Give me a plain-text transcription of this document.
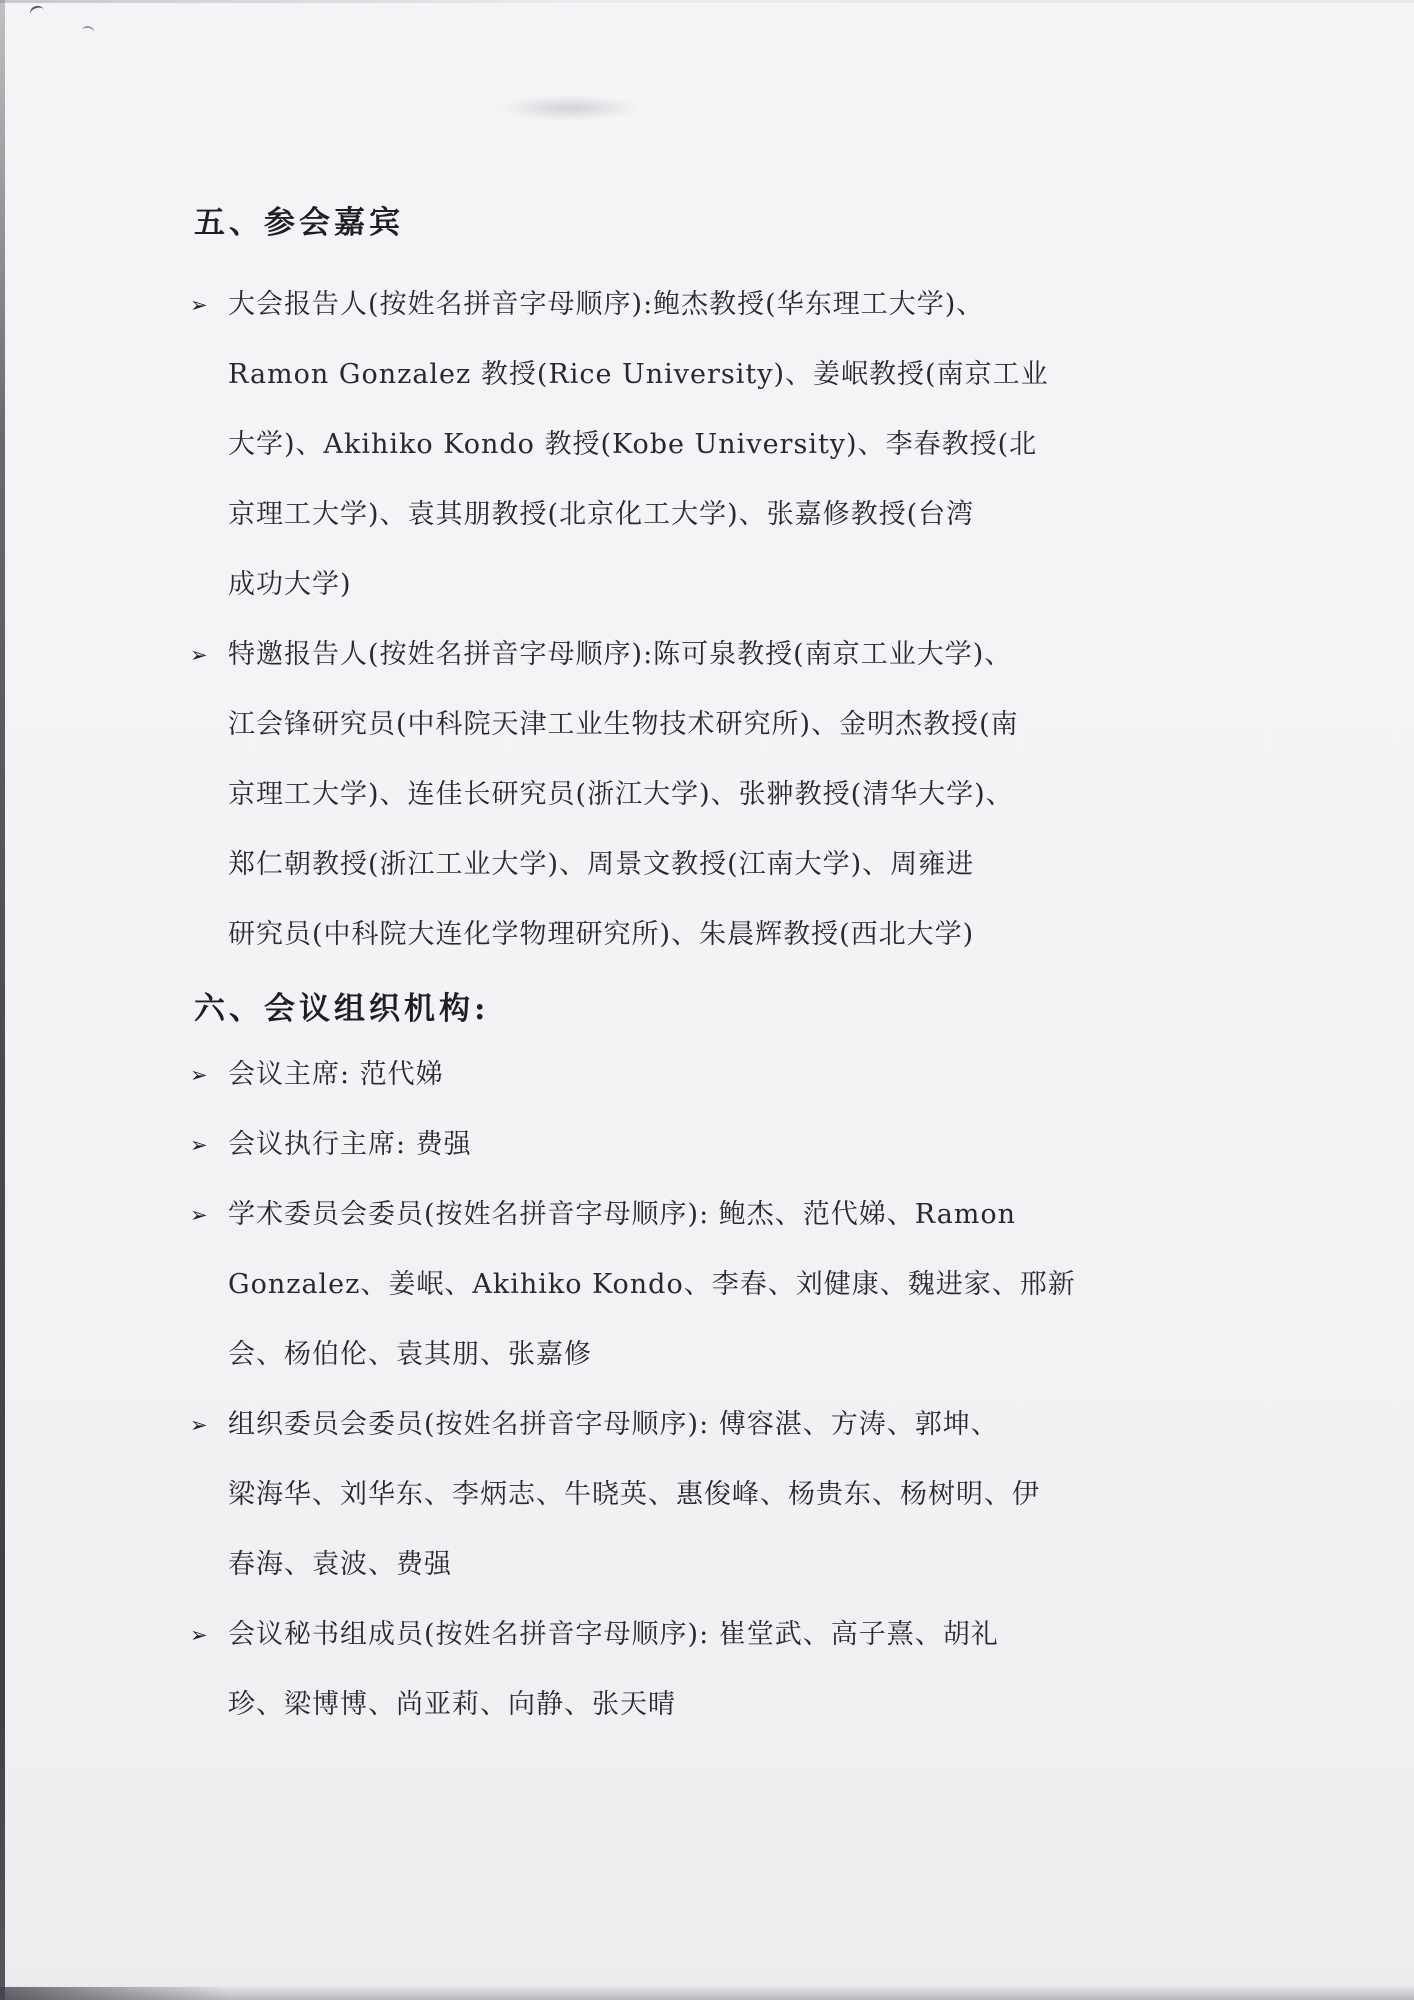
五、参会嘉宾
➢ 大会报告人(按姓名拼音字母顺序):鲍杰教授(华东理工大学)、
Ramon Gonzalez 教授(Rice University)、姜岷教授(南京工业
大学)、Akihiko Kondo 教授(Kobe University)、李春教授(北
京理工大学)、袁其朋教授(北京化工大学)、张嘉修教授(台湾
成功大学)
➢ 特邀报告人(按姓名拼音字母顺序):陈可泉教授(南京工业大学)、
江会锋研究员(中科院天津工业生物技术研究所)、金明杰教授(南
京理工大学)、连佳长研究员(浙江大学)、张翀教授(清华大学)、
郑仁朝教授(浙江工业大学)、周景文教授(江南大学)、周雍进
研究员(中科院大连化学物理研究所)、朱晨辉教授(西北大学)
六、会议组织机构:
➢ 会议主席: 范代娣
➢ 会议执行主席: 费强
➢ 学术委员会委员(按姓名拼音字母顺序): 鲍杰、范代娣、Ramon
Gonzalez、姜岷、Akihiko Kondo、李春、刘健康、魏进家、邢新
会、杨伯伦、袁其朋、张嘉修
➢ 组织委员会委员(按姓名拼音字母顺序): 傅容湛、方涛、郭坤、
梁海华、刘华东、李炳志、牛晓英、惠俊峰、杨贵东、杨树明、伊
春海、袁波、费强
➢ 会议秘书组成员(按姓名拼音字母顺序): 崔堂武、高子熹、胡礼
珍、梁博博、尚亚莉、向静、张天晴
